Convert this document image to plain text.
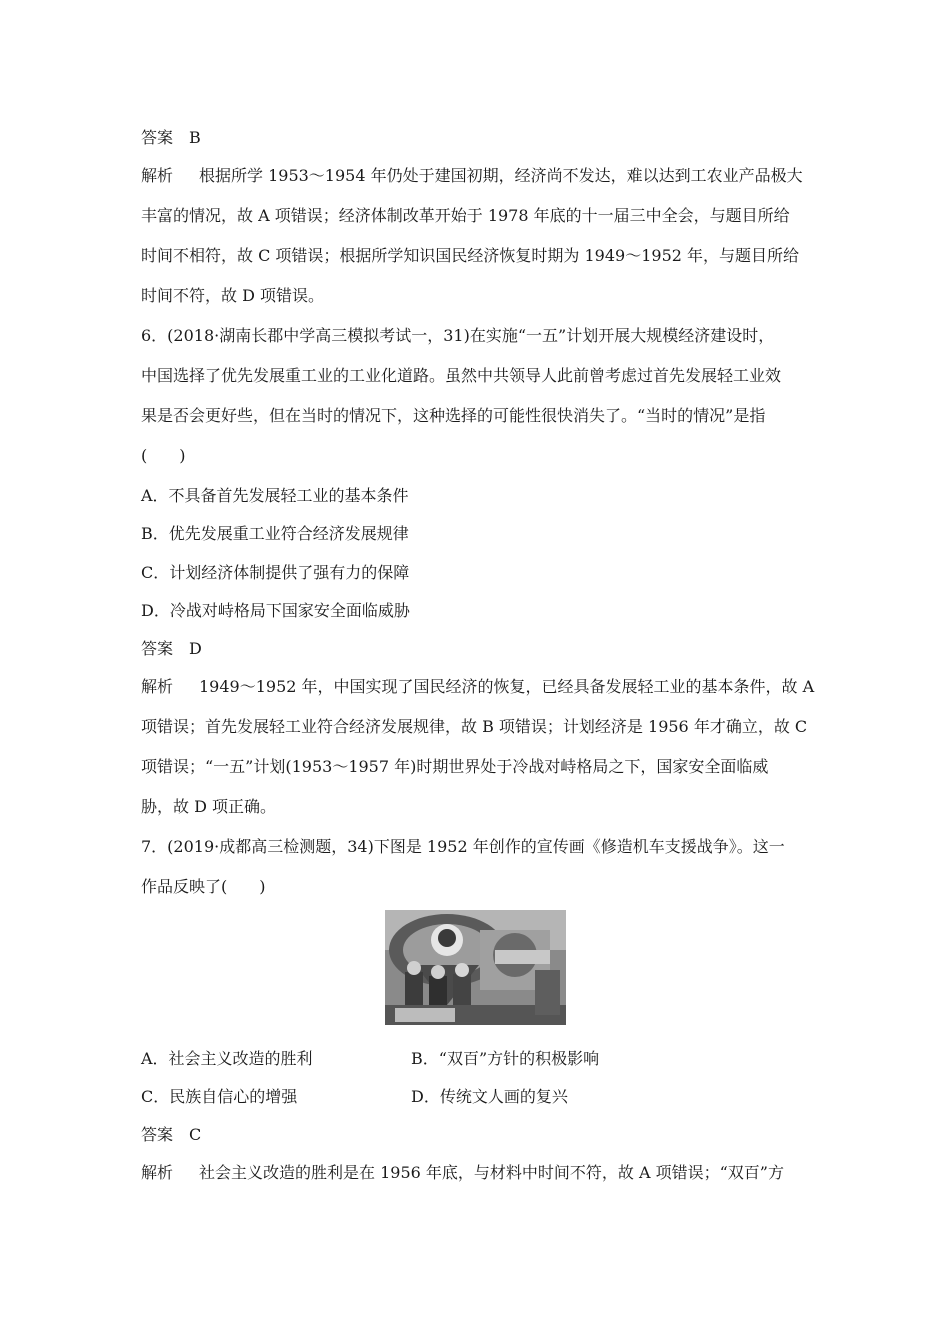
答案　B
解析 根据所学 1953～1954 年仍处于建国初期，经济尚不发达，难以达到工农业产品极大
丰富的情况，故 A 项错误；经济体制改革开始于 1978 年底的十一届三中全会，与题目所给
时间不相符，故 C 项错误；根据所学知识国民经济恢复时期为 1949～1952 年，与题目所给
时间不符，故 D 项错误。
6．(2018·湖南长郡中学高三模拟考试一，31)在实施“一五”计划开展大规模经济建设时，
中国选择了优先发展重工业的工业化道路。虽然中共领导人此前曾考虑过首先发展轻工业效
果是否会更好些，但在当时的情况下，这种选择的可能性很快消失了。“当时的情况”是指
(　　)
A．不具备首先发展轻工业的基本条件
B．优先发展重工业符合经济发展规律
C．计划经济体制提供了强有力的保障
D．冷战对峙格局下国家安全面临威胁
答案　D
解析 1949～1952 年，中国实现了国民经济的恢复，已经具备发展轻工业的基本条件，故 A
项错误；首先发展轻工业符合经济发展规律，故 B 项错误；计划经济是 1956 年才确立，故 C
项错误；“一五”计划(1953～1957 年)时期世界处于冷战对峙格局之下，国家安全面临威
胁，故 D 项正确。
7．(2019·成都高三检测题，34)下图是 1952 年创作的宣传画《修造机车支援战争》。这一
作品反映了(　　)
A．社会主义改造的胜利	B．“双百”方针的积极影响
C．民族自信心的增强	D．传统文人画的复兴
答案　C
解析 社会主义改造的胜利是在 1956 年底，与材料中时间不符，故 A 项错误；“双百”方
